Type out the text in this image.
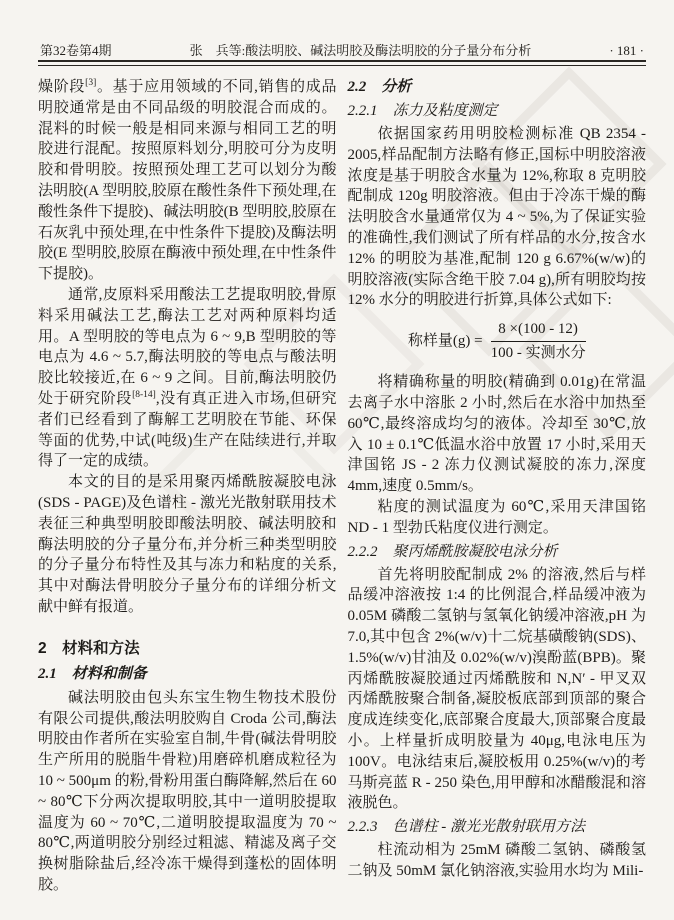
第32卷第4期	张　兵等:酸法明胶、碱法明胶及酶法明胶的分子量分布分析	· 181 ·

燥阶段[3]。基于应用领域的不同,销售的成品明胶通常是由不同品级的明胶混合而成的。混料的时候一般是相同来源与相同工艺的明胶进行混配。按照原料划分,明胶可分为皮明胶和骨明胶。按照预处理工艺可以划分为酸法明胶(A 型明胶,胶原在酸性条件下预处理,在酸性条件下提胶)、碱法明胶(B 型明胶,胶原在石灰乳中预处理,在中性条件下提胶)及酶法明胶(E 型明胶,胶原在酶液中预处理,在中性条件下提胶)。

通常,皮原料采用酸法工艺提取明胶,骨原料采用碱法工艺,酶法工艺对两种原料均适用。A 型明胶的等电点为 6 ~ 9,B 型明胶的等电点为 4.6 ~ 5.7,酶法明胶的等电点与酸法明胶比较接近,在 6 ~ 9 之间。目前,酶法明胶仍处于研究阶段[8-14],没有真正进入市场,但研究者们已经看到了酶解工艺明胶在节能、环保等面的优势,中试(吨级)生产在陆续进行,并取得了一定的成绩。

本文的目的是采用聚丙烯酰胺凝胶电泳(SDS - PAGE)及色谱柱 - 激光光散射联用技术表征三种典型明胶即酸法明胶、碱法明胶和酶法明胶的分子量分布,并分析三种类型明胶的分子量分布特性及其与冻力和粘度的关系,其中对酶法骨明胶分子量分布的详细分析文献中鲜有报道。

2　材料和方法
2.1　材料和制备

碱法明胶由包头东宝生物生物技术股份有限公司提供,酸法明胶购自 Croda 公司,酶法明胶由作者所在实验室自制,牛骨(碱法骨明胶生产所用的脱脂牛骨粒)用磨碎机磨成粒径为 10 ~ 500μm 的粉,骨粉用蛋白酶降解,然后在 60 ~ 80℃下分两次提取明胶,其中一道明胶提取温度为 60 ~ 70℃,二道明胶提取温度为 70 ~ 80℃,两道明胶分别经过粗滤、精滤及离子交换树脂除盐后,经冷冻干燥得到蓬松的固体明胶。

2.2　分析
2.2.1　冻力及粘度测定

依据国家药用明胶检测标准 QB 2354 - 2005,样品配制方法略有修正,国标中明胶溶液浓度是基于明胶含水量为 12%,称取 8 克明胶配制成 120g 明胶溶液。但由于冷冻干燥的酶法明胶含水量通常仅为 4 ~ 5%,为了保证实验的准确性,我们测试了所有样品的水分,按含水 12% 的明胶为基准,配制 120 g 6.67%(w/w)的明胶溶液(实际含绝干胶 7.04 g),所有明胶均按 12% 水分的明胶进行折算,具体公式如下:

称样量$(g) = \frac{8 \times(100 - 12)}{\text{100 - 实测水分}}$

将精确称量的明胶(精确到 0.01g)在常温去离子水中溶胀 2 小时,然后在水浴中加热至 60℃,最终溶成均匀的液体。冷却至 30℃,放入 10 ± 0.1℃低温水浴中放置 17 小时,采用天津国铭 JS - 2 冻力仪测试凝胶的冻力,深度 4mm,速度 0.5mm/s。

粘度的测试温度为 60℃,采用天津国铭 ND - 1 型勃氏粘度仪进行测定。

2.2.2　聚丙烯酰胺凝胶电泳分析

首先将明胶配制成 2% 的溶液,然后与样品缓冲溶液按 1:4 的比例混合,样品缓冲液为 0.05M 磷酸二氢钠与氢氧化钠缓冲溶液,pH 为 7.0,其中包含 2%(w/v)十二烷基磺酸钠(SDS)、1.5%(w/v)甘油及 0.02%(w/v)溴酚蓝(BPB)。聚丙烯酰胺凝胶通过丙烯酰胺和 N,N′ - 甲叉双丙烯酰胺聚合制备,凝胶板底部到顶部的聚合度成连续变化,底部聚合度最大,顶部聚合度最小。上样量折成明胶量为 40μg,电泳电压为 100V。电泳结束后,凝胶板用 0.25%(w/v)的考马斯亮蓝 R - 250 染色,用甲醇和冰醋酸混和溶液脱色。

2.2.3　色谱柱 - 激光光散射联用方法

柱流动相为 25mM 磷酸二氢钠、磷酸氢二钠及 50mM 氯化钠溶液,实验用水均为 Mili-
